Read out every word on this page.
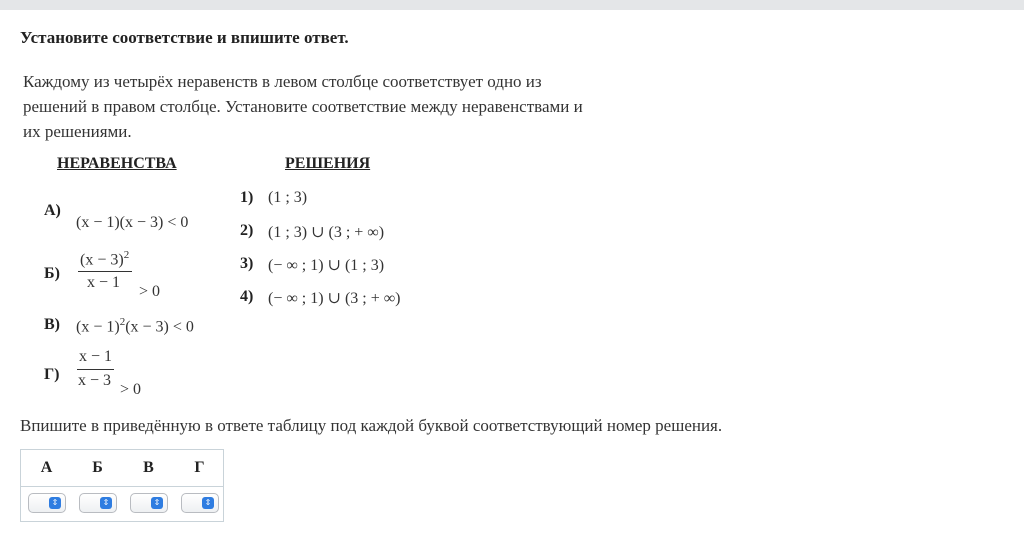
Установите соответствие и впишите ответ.
Каждому из четырёх неравенств в левом столбце соответствует одно из решений в правом столбце. Установите соответствие между неравенствами и их решениями.
НЕРАВЕНСТВА	РЕШЕНИЯ
А)
(x − 1)(x − 3) < 0
Б)
$(x - 3)^2$
x − 1
> 0
В) $(x - 1)^2(x - 3) < 0$
Г)
x − 1
x − 3
> 0
1) (1 ; 3)
2) (1 ; 3) ∪ (3 ; + ∞)
3) (− ∞ ; 1) ∪ (1 ; 3)
4) (− ∞ ; 1) ∪ (3 ; + ∞)
Впишите в приведённую в ответе таблицу под каждой буквой соответствующий номер решения.
А	Б	В	Г
⇕	⇕	⇕	⇕
